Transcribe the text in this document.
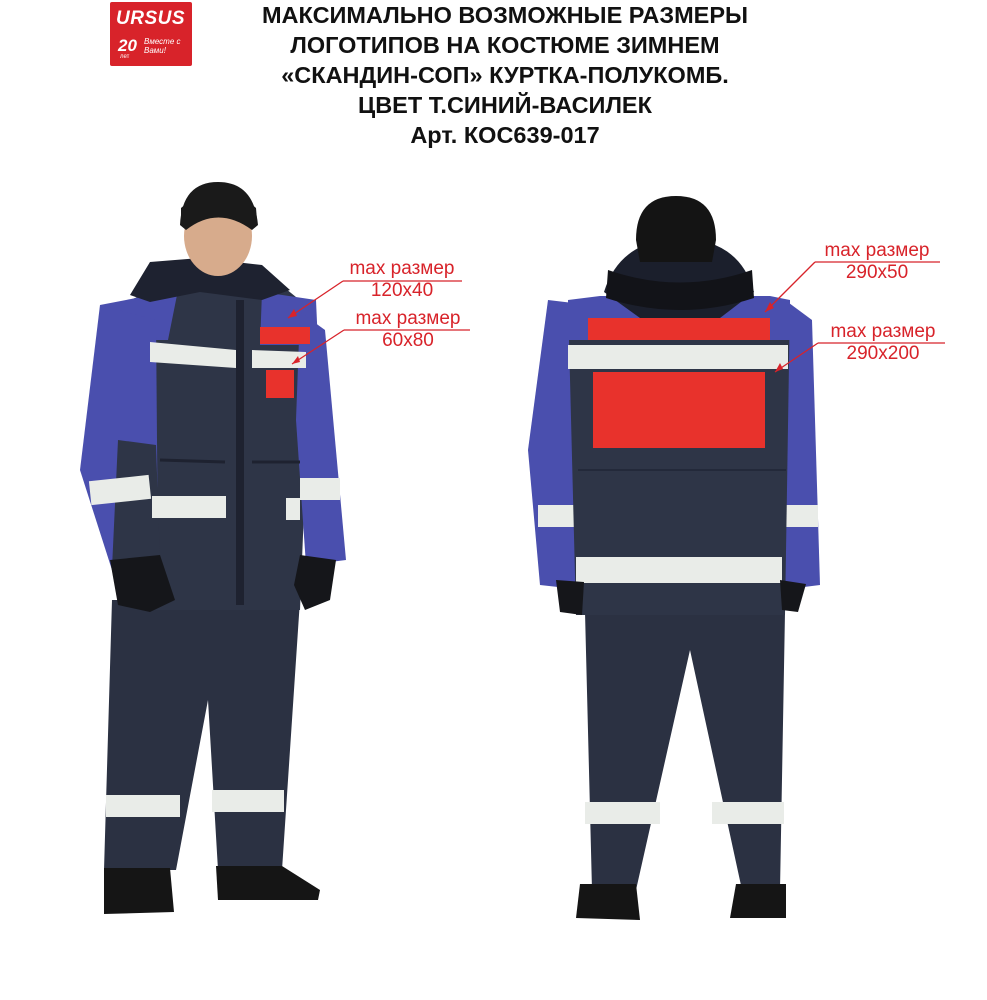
URSUS
20
лет
Вместе с Вами!
МАКСИМАЛЬНО ВОЗМОЖНЫЕ РАЗМЕРЫ
ЛОГОТИПОВ НА КОСТЮМЕ ЗИМНЕМ
«СКАНДИН-СОП» КУРТКА-ПОЛУКОМБ.
ЦВЕТ Т.СИНИЙ-ВАСИЛЕК
Арт. КОС639-017
max размер
120x40
max размер
60x80
max размер
290x50
max размер
290x200
